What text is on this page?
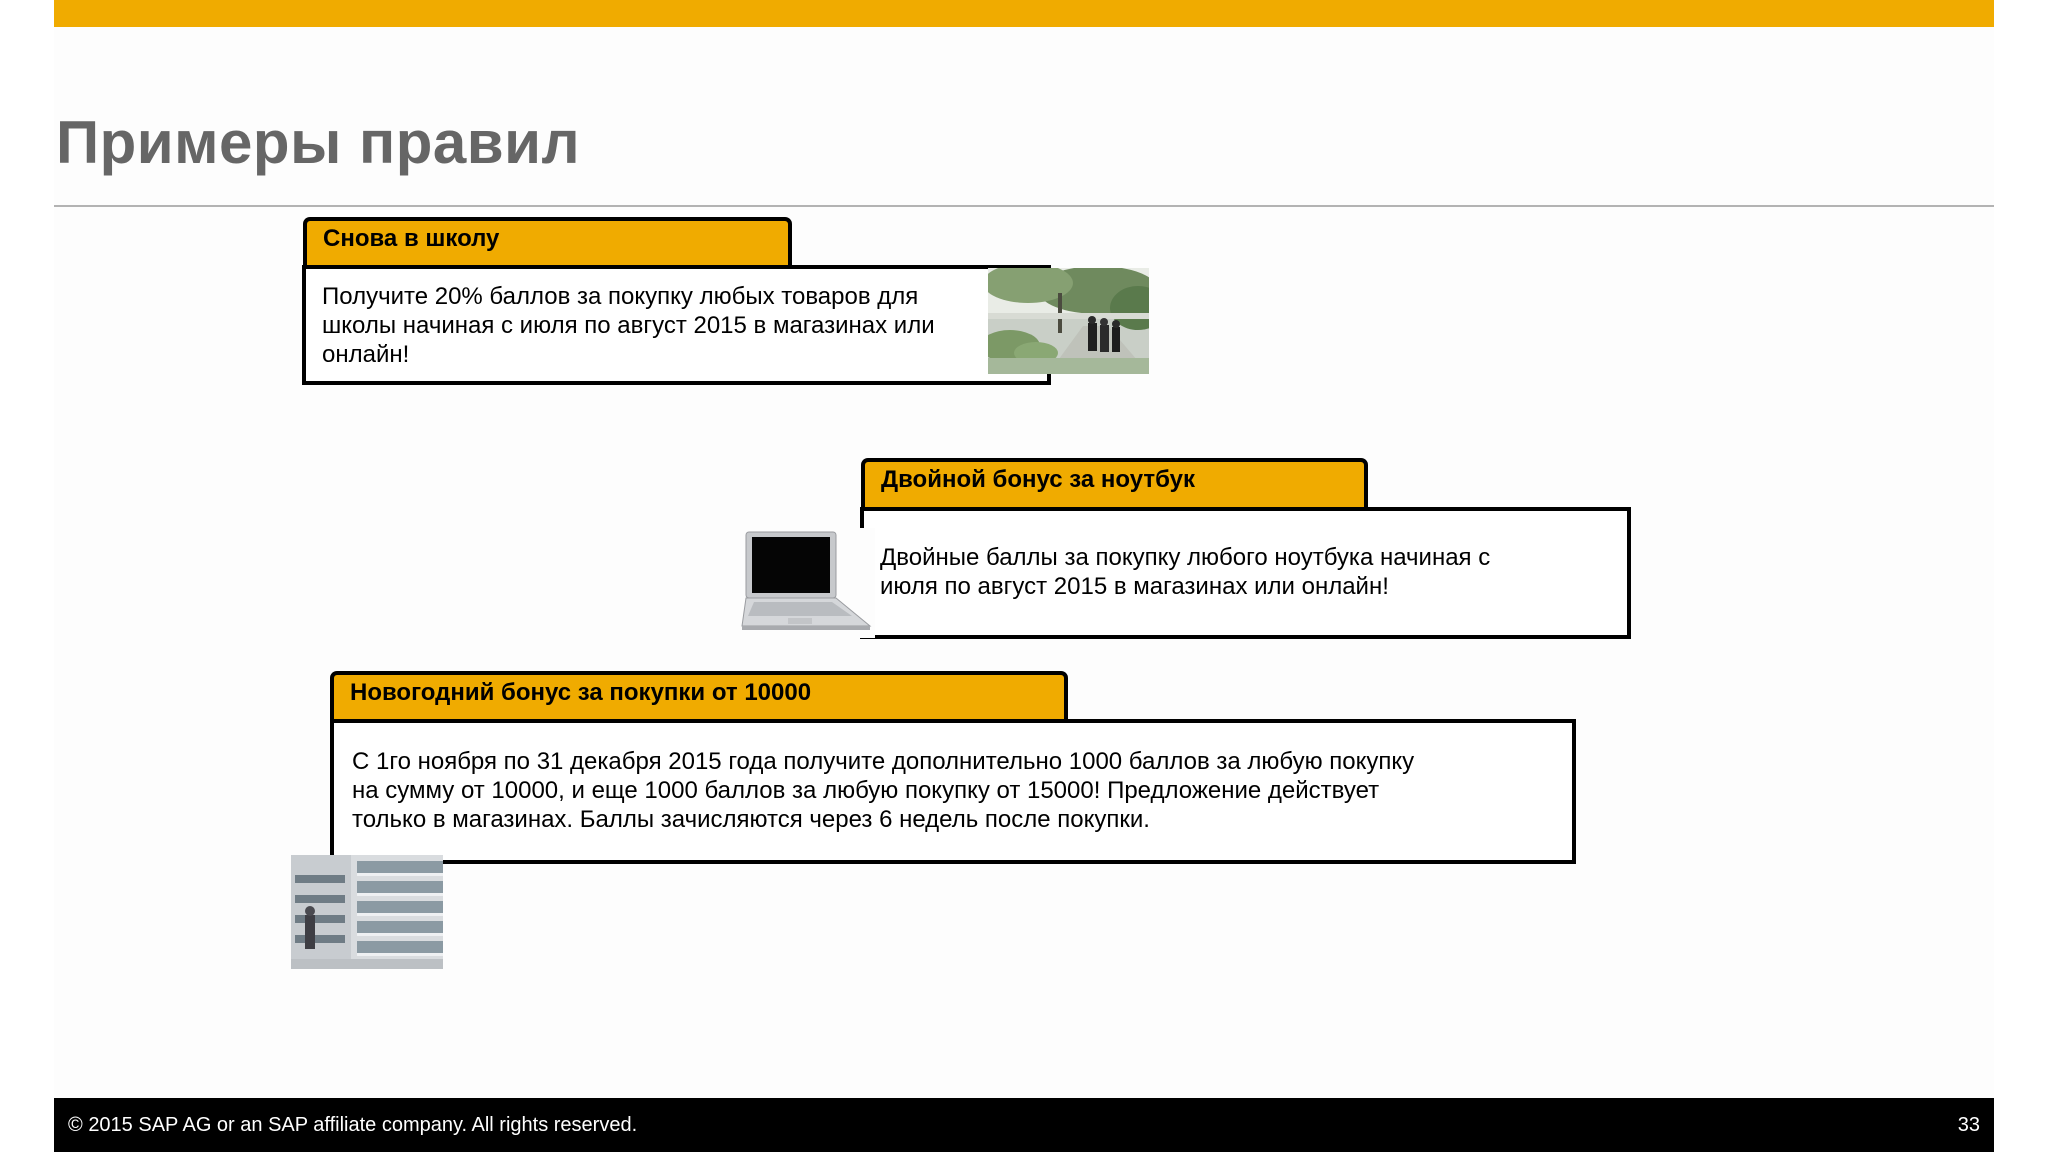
Примеры правил
Снова в школу
Получите 20% баллов за покупку любых товаров для
школы начиная с июля по август 2015 в магазинах или
онлайн!
Двойной бонус за ноутбук
Двойные баллы за покупку любого ноутбука начиная с
июля по август 2015 в магазинах или онлайн!
Новогодний бонус за покупки от 10000
С 1го ноября по 31 декабря 2015 года получите дополнительно 1000 баллов за любую покупку
на сумму от 10000, и еще 1000 баллов за любую покупку от 15000! Предложение действует
только в магазинах. Баллы зачисляются через 6 недель после покупки.
© 2015 SAP AG or an SAP affiliate company. All rights reserved.	33
